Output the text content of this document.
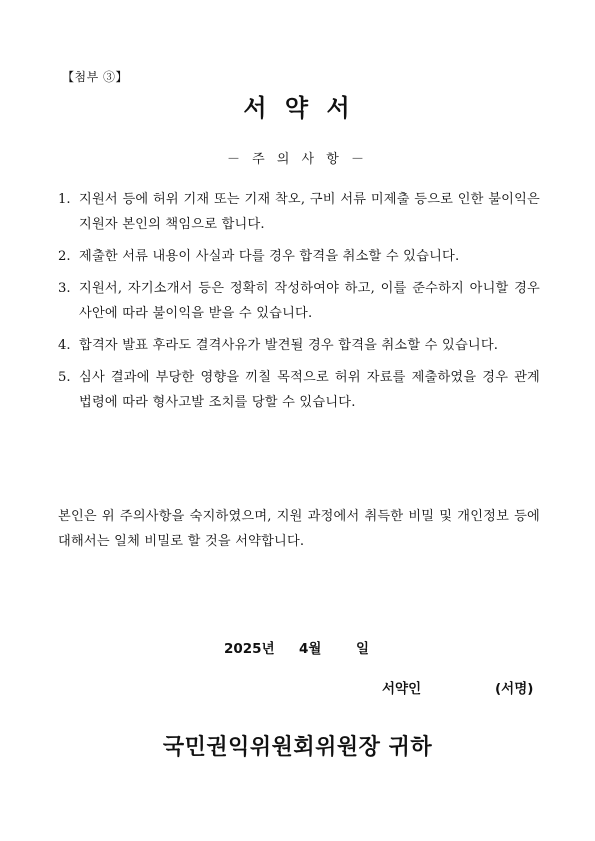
【첨부 ③】
서 약 서
－ 주 의 사 항 －
1. 지원서 등에 허위 기재 또는 기재 착오, 구비 서류 미제출 등으로 인한 불이익은 지원자 본인의 책임으로 합니다.
2. 제출한 서류 내용이 사실과 다를 경우 합격을 취소할 수 있습니다.
3. 지원서, 자기소개서 등은 정확히 작성하여야 하고, 이를 준수하지 아니할 경우 사안에 따라 불이익을 받을 수 있습니다.
4. 합격자 발표 후라도 결격사유가 발견될 경우 합격을 취소할 수 있습니다.
5. 심사 결과에 부당한 영향을 끼칠 목적으로 허위 자료를 제출하였을 경우 관계 법령에 따라 형사고발 조치를 당할 수 있습니다.
본인은 위 주의사항을 숙지하였으며, 지원 과정에서 취득한 비밀 및 개인정보 등에 대해서는 일체 비밀로 할 것을 서약합니다.
2025년 4월	일
서약인	(서명)
국민권익위원회위원장 귀하
